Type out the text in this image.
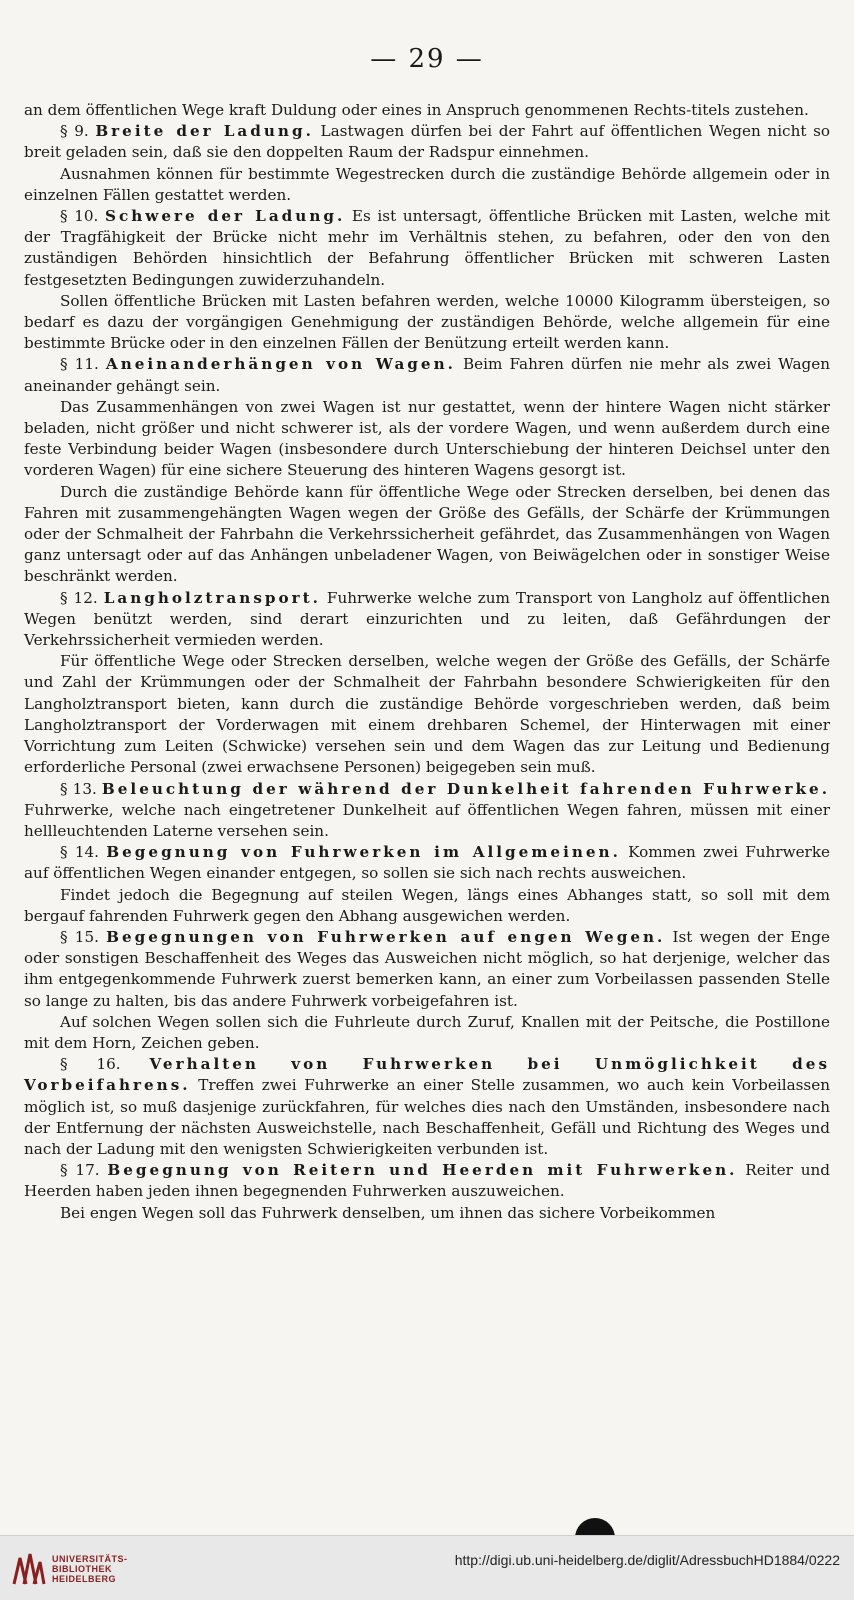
— 29 —

an dem öffentlichen Wege kraft Duldung oder eines in Anspruch genommenen Rechts-titels zustehen.

§ 9. Breite der Ladung. Lastwagen dürfen bei der Fahrt auf öffentlichen Wegen nicht so breit geladen sein, daß sie den doppelten Raum der Radspur einnehmen.

Ausnahmen können für bestimmte Wegestrecken durch die zuständige Behörde allgemein oder in einzelnen Fällen gestattet werden.

§ 10. Schwere der Ladung. Es ist untersagt, öffentliche Brücken mit Lasten, welche mit der Tragfähigkeit der Brücke nicht mehr im Verhältnis stehen, zu befahren, oder den von den zuständigen Behörden hinsichtlich der Befahrung öffentlicher Brücken mit schweren Lasten festgesetzten Bedingungen zuwiderzuhandeln.

Sollen öffentliche Brücken mit Lasten befahren werden, welche 10000 Kilogramm übersteigen, so bedarf es dazu der vorgängigen Genehmigung der zuständigen Behörde, welche allgemein für eine bestimmte Brücke oder in den einzelnen Fällen der Benützung erteilt werden kann.

§ 11. Aneinanderhängen von Wagen. Beim Fahren dürfen nie mehr als zwei Wagen aneinander gehängt sein.

Das Zusammenhängen von zwei Wagen ist nur gestattet, wenn der hintere Wagen nicht stärker beladen, nicht größer und nicht schwerer ist, als der vordere Wagen, und wenn außerdem durch eine feste Verbindung beider Wagen (insbesondere durch Unterschiebung der hinteren Deichsel unter den vorderen Wagen) für eine sichere Steuerung des hinteren Wagens gesorgt ist.

Durch die zuständige Behörde kann für öffentliche Wege oder Strecken derselben, bei denen das Fahren mit zusammengehängten Wagen wegen der Größe des Gefälls, der Schärfe der Krümmungen oder der Schmalheit der Fahrbahn die Verkehrssicherheit gefährdet, das Zusammenhängen von Wagen ganz untersagt oder auf das Anhängen unbeladener Wagen, von Beiwägelchen oder in sonstiger Weise beschränkt werden.

§ 12. Langholztransport. Fuhrwerke welche zum Transport von Langholz auf öffentlichen Wegen benützt werden, sind derart einzurichten und zu leiten, daß Gefährdungen der Verkehrssicherheit vermieden werden.

Für öffentliche Wege oder Strecken derselben, welche wegen der Größe des Gefälls, der Schärfe und Zahl der Krümmungen oder der Schmalheit der Fahrbahn besondere Schwierigkeiten für den Langholztransport bieten, kann durch die zuständige Behörde vorgeschrieben werden, daß beim Langholztransport der Vorderwagen mit einem drehbaren Schemel, der Hinterwagen mit einer Vorrichtung zum Leiten (Schwicke) versehen sein und dem Wagen das zur Leitung und Bedienung erforderliche Personal (zwei erwachsene Personen) beigegeben sein muß.

§ 13. Beleuchtung der während der Dunkelheit fahrenden Fuhrwerke. Fuhrwerke, welche nach eingetretener Dunkelheit auf öffentlichen Wegen fahren, müssen mit einer hellleuchtenden Laterne versehen sein.

§ 14. Begegnung von Fuhrwerken im Allgemeinen. Kommen zwei Fuhrwerke auf öffentlichen Wegen einander entgegen, so sollen sie sich nach rechts ausweichen.

Findet jedoch die Begegnung auf steilen Wegen, längs eines Abhanges statt, so soll mit dem bergauf fahrenden Fuhrwerk gegen den Abhang ausgewichen werden.

§ 15. Begegnungen von Fuhrwerken auf engen Wegen. Ist wegen der Enge oder sonstigen Beschaffenheit des Weges das Ausweichen nicht möglich, so hat derjenige, welcher das ihm entgegenkommende Fuhrwerk zuerst bemerken kann, an einer zum Vorbeilassen passenden Stelle so lange zu halten, bis das andere Fuhrwerk vorbeigefahren ist.

Auf solchen Wegen sollen sich die Fuhrleute durch Zuruf, Knallen mit der Peitsche, die Postillone mit dem Horn, Zeichen geben.

§ 16. Verhalten von Fuhrwerken bei Unmöglichkeit des Vorbeifahrens. Treffen zwei Fuhrwerke an einer Stelle zusammen, wo auch kein Vorbeilassen möglich ist, so muß dasjenige zurückfahren, für welches dies nach den Umständen, insbesondere nach der Entfernung der nächsten Ausweichstelle, nach Beschaffenheit, Gefäll und Richtung des Weges und nach der Ladung mit den wenigsten Schwierigkeiten verbunden ist.

§ 17. Begegnung von Reitern und Heerden mit Fuhrwerken. Reiter und Heerden haben jeden ihnen begegnenden Fuhrwerken auszuweichen.

Bei engen Wegen soll das Fuhrwerk denselben, um ihnen das sichere Vorbeikommen

UNIVERSITÄTS-
BIBLIOTHEK
HEIDELBERG
http://digi.ub.uni-heidelberg.de/diglit/AdressbuchHD1884/0222
